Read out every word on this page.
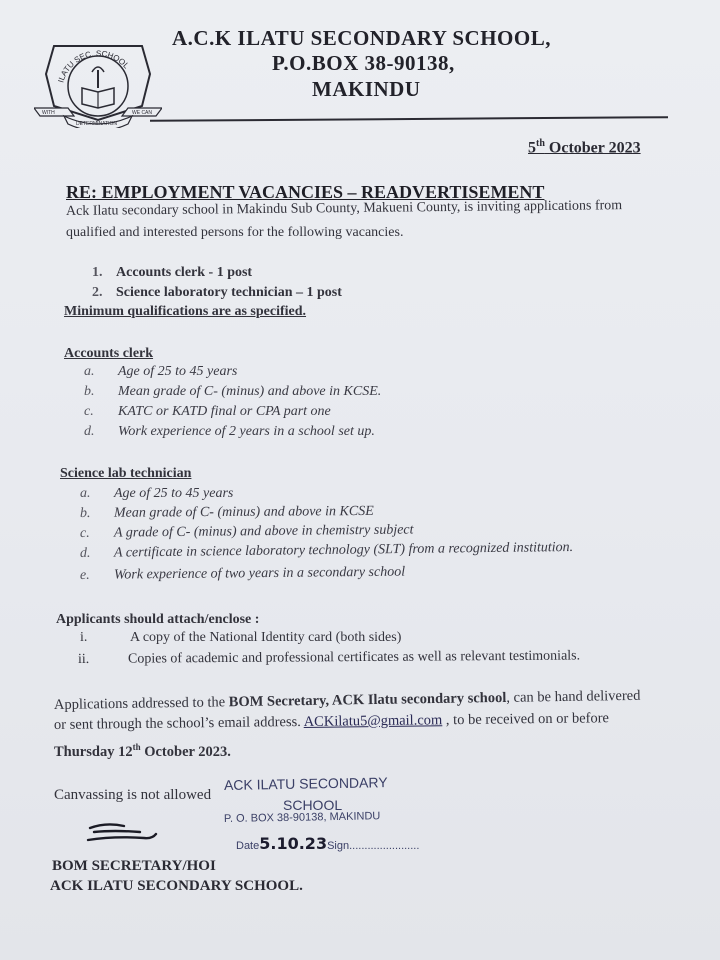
ILATU SEC. SCHOOL
WITH	WE CAN
DETERMINATION
A.C.K ILATU SECONDARY SCHOOL,
P.O.BOX 38-90138,
MAKINDU
5th October 2023
RE: EMPLOYMENT VACANCIES – READVERTISEMENT
Ack Ilatu secondary school in Makindu Sub County, Makueni County, is inviting applications from
qualified and interested persons for the following vacancies.
1. Accounts clerk - 1 post
2. Science laboratory technician – 1 post
Minimum qualifications are as specified.
Accounts clerk
a. Age of 25 to 45 years
b. Mean grade of C- (minus) and above in KCSE.
c. KATC or KATD final or CPA part one
d. Work experience of 2 years in a school set up.
Science lab technician
a. Age of 25 to 45 years
b. Mean grade of C- (minus) and above in KCSE
c. A grade of C- (minus) and above in chemistry subject
d. A certificate in science laboratory technology (SLT) from a recognized institution.
e. Work experience of two years in a secondary school
Applicants should attach/enclose :
i.	A copy of the National Identity card (both sides)
ii.	Copies of academic and professional certificates as well as relevant testimonials.
Applications addressed to the BOM Secretary, ACK Ilatu secondary school, can be hand delivered
or sent through the school’s email address. ACKilatu5@gmail.com , to be received on or before
Thursday 12th October 2023.
Canvassing is not allowed
ACK ILATU SECONDARY
SCHOOL
P. O. BOX 38-90138, MAKINDU
Date5.10.23Sign.......................
BOM SECRETARY/HOI
ACK ILATU SECONDARY SCHOOL.
